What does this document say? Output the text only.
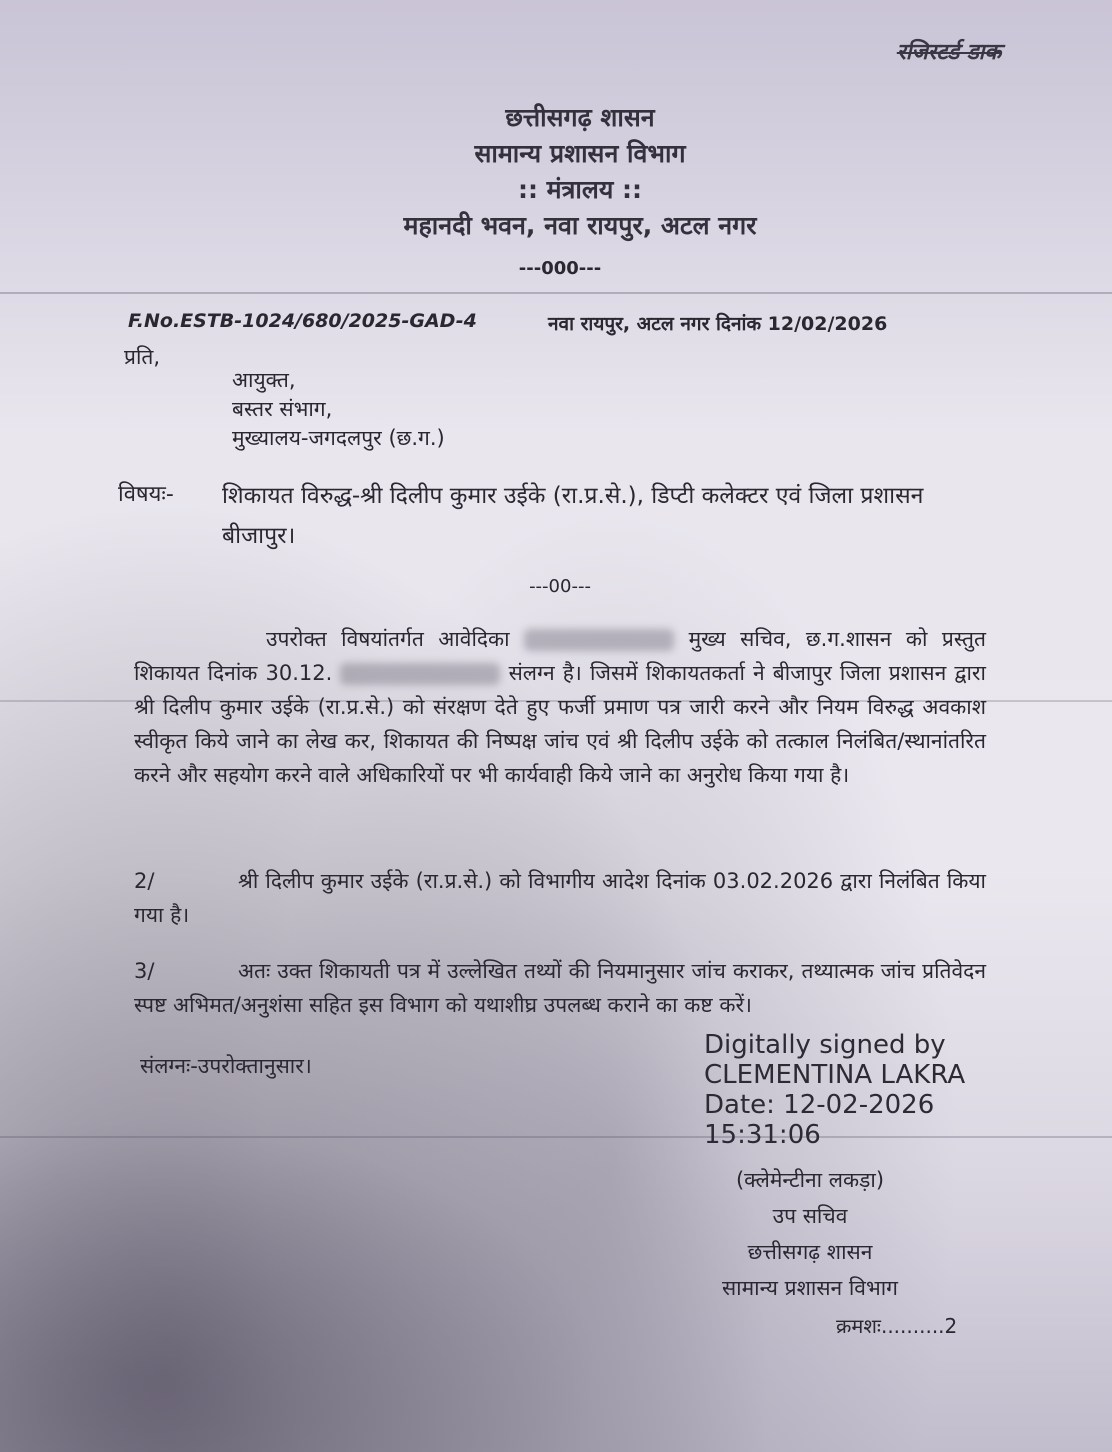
रजिस्टर्ड डाक
छत्तीसगढ़ शासन
सामान्य प्रशासन विभाग
:: मंत्रालय ::
महानदी भवन, नवा रायपुर, अटल नगर
---000---
F.No.ESTB-1024/680/2025-GAD-4	नवा रायपुर, अटल नगर दिनांक 12/02/2026
प्रति,
आयुक्त,
बस्तर संभाग,
मुख्यालय-जगदलपुर (छ.ग.)
विषयः- शिकायत विरुद्ध-श्री दिलीप कुमार उईके (रा.प्र.से.), डिप्टी कलेक्टर एवं जिला प्रशासन बीजापुर।
---00---
उपरोक्त विषयांतर्गत आवेदिका	मुख्य सचिव, छ.ग.शासन को प्रस्तुत शिकायत दिनांक 30.12.	संलग्न है। जिसमें शिकायतकर्ता ने बीजापुर जिला प्रशासन द्वारा श्री दिलीप कुमार उईके (रा.प्र.से.) को संरक्षण देते हुए फर्जी प्रमाण पत्र जारी करने और नियम विरुद्ध अवकाश स्वीकृत किये जाने का लेख कर, शिकायत की निष्पक्ष जांच एवं श्री दिलीप उईके को तत्काल निलंबित/स्थानांतरित करने और सहयोग करने वाले अधिकारियों पर भी कार्यवाही किये जाने का अनुरोध किया गया है।
2/	श्री दिलीप कुमार उईके (रा.प्र.से.) को विभागीय आदेश दिनांक 03.02.2026 द्वारा निलंबित किया गया है।
3/	अतः उक्त शिकायती पत्र में उल्लेखित तथ्यों की नियमानुसार जांच कराकर, तथ्यात्मक जांच प्रतिवेदन स्पष्ट अभिमत/अनुशंसा सहित इस विभाग को यथाशीघ्र उपलब्ध कराने का कष्ट करें।
संलग्नः-उपरोक्तानुसार।
Digitally signed by
CLEMENTINA LAKRA
Date: 12-02-2026
15:31:06
(क्लेमेन्टीना लकड़ा)
उप सचिव
छत्तीसगढ़ शासन
सामान्य प्रशासन विभाग
क्रमशः..........2
